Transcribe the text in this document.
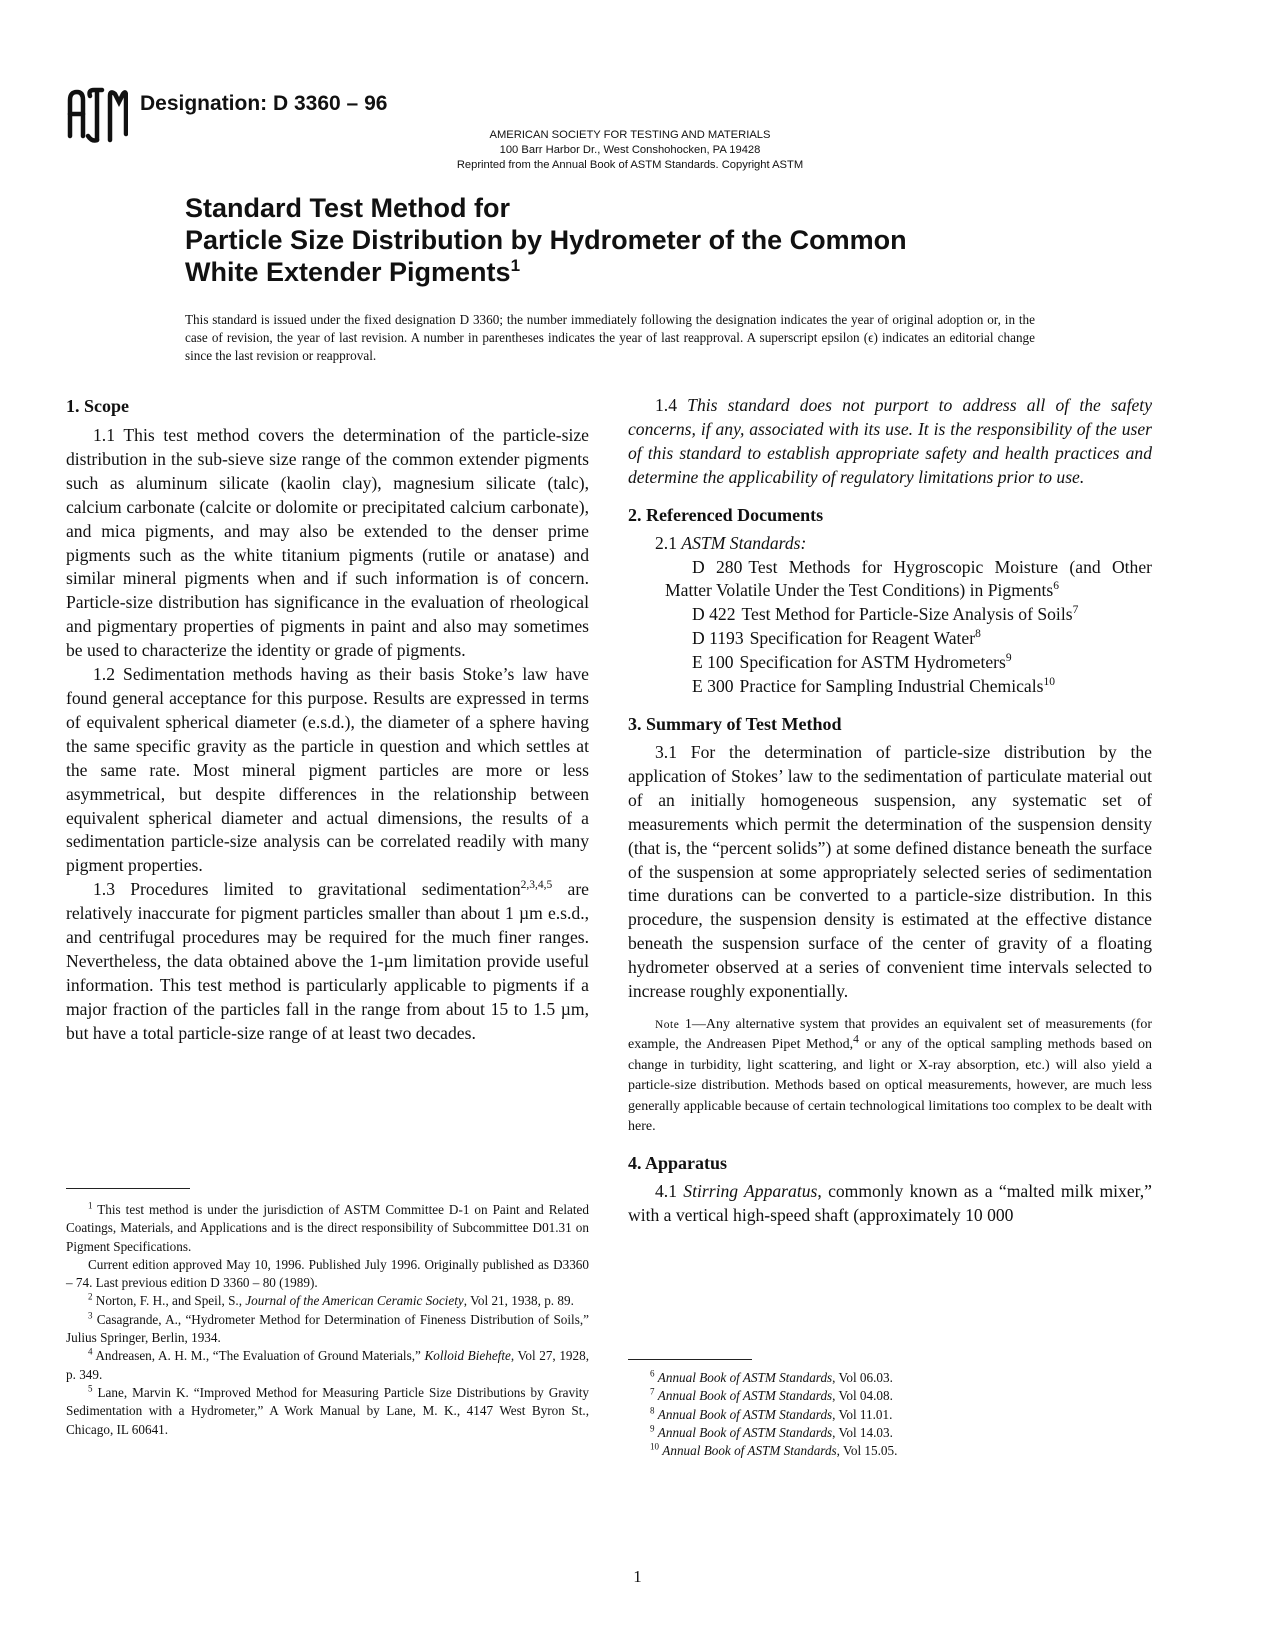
Designation: D 3360 – 96
AMERICAN SOCIETY FOR TESTING AND MATERIALS
100 Barr Harbor Dr., West Conshohocken, PA 19428
Reprinted from the Annual Book of ASTM Standards. Copyright ASTM
Standard Test Method for
Particle Size Distribution by Hydrometer of the Common
White Extender Pigments$^1$
This standard is issued under the fixed designation D 3360; the number immediately following the designation indicates the year of original adoption or, in the case of revision, the year of last revision. A number in parentheses indicates the year of last reapproval. A superscript epsilon (ϵ) indicates an editorial change since the last revision or reapproval.
1. Scope

1.1 This test method covers the determination of the particle-size distribution in the sub-sieve size range of the common extender pigments such as aluminum silicate (kaolin clay), magnesium silicate (talc), calcium carbonate (calcite or dolomite or precipitated calcium carbonate), and mica pigments, and may also be extended to the denser prime pigments such as the white titanium pigments (rutile or anatase) and similar mineral pigments when and if such information is of concern. Particle-size distribution has significance in the evaluation of rheological and pigmentary properties of pigments in paint and also may sometimes be used to characterize the identity or grade of pigments.

1.2 Sedimentation methods having as their basis Stoke’s law have found general acceptance for this purpose. Results are expressed in terms of equivalent spherical diameter (e.s.d.), the diameter of a sphere having the same specific gravity as the particle in question and which settles at the same rate. Most mineral pigment particles are more or less asymmetrical, but despite differences in the relationship between equivalent spherical diameter and actual dimensions, the results of a sedimentation particle-size analysis can be correlated readily with many pigment properties.

1.3 Procedures limited to gravitational sedimentation$^{2,3,4,5}$ are relatively inaccurate for pigment particles smaller than about 1 µm e.s.d., and centrifugal procedures may be required for the much finer ranges. Nevertheless, the data obtained above the 1-µm limitation provide useful information. This test method is particularly applicable to pigments if a major fraction of the particles fall in the range from about 15 to 1.5 µm, but have a total particle-size range of at least two decades.

1.4 This standard does not purport to address all of the safety concerns, if any, associated with its use. It is the responsibility of the user of this standard to establish appropriate safety and health practices and determine the applicability of regulatory limitations prior to use.

2. Referenced Documents

2.1 ASTM Standards:

D 280 Test Methods for Hygroscopic Moisture (and Other Matter Volatile Under the Test Conditions) in Pigments$^6$

D 422 Test Method for Particle-Size Analysis of Soils$^7$

D 1193 Specification for Reagent Water$^8$

E 100 Specification for ASTM Hydrometers$^9$

E 300 Practice for Sampling Industrial Chemicals$^{10}$

3. Summary of Test Method

3.1 For the determination of particle-size distribution by the application of Stokes’ law to the sedimentation of particulate material out of an initially homogeneous suspension, any systematic set of measurements which permit the determination of the suspension density (that is, the “percent solids”) at some defined distance beneath the surface of the suspension at some appropriately selected series of sedimentation time durations can be converted to a particle-size distribution. In this procedure, the suspension density is estimated at the effective distance beneath the suspension surface of the center of gravity of a floating hydrometer observed at a series of convenient time intervals selected to increase roughly exponentially.

Note 1—Any alternative system that provides an equivalent set of measurements (for example, the Andreasen Pipet Method,$^4$ or any of the optical sampling methods based on change in turbidity, light scattering, and light or X-ray absorption, etc.) will also yield a particle-size distribution. Methods based on optical measurements, however, are much less generally applicable because of certain technological limitations too complex to be dealt with here.
4. Apparatus

4.1 Stirring Apparatus, commonly known as a “malted milk mixer,” with a vertical high-speed shaft (approximately 10 000

$^1$ This test method is under the jurisdiction of ASTM Committee D-1 on Paint and Related Coatings, Materials, and Applications and is the direct responsibility of Subcommittee D01.31 on Pigment Specifications.

Current edition approved May 10, 1996. Published July 1996. Originally published as D3360 – 74. Last previous edition D 3360 – 80 (1989).

$^2$ Norton, F. H., and Speil, S., Journal of the American Ceramic Society, Vol 21, 1938, p. 89.

$^3$ Casagrande, A., “Hydrometer Method for Determination of Fineness Distribution of Soils,” Julius Springer, Berlin, 1934.

$^4$ Andreasen, A. H. M., “The Evaluation of Ground Materials,” Kolloid Biehefte, Vol 27, 1928, p. 349.

$^5$ Lane, Marvin K. “Improved Method for Measuring Particle Size Distributions by Gravity Sedimentation with a Hydrometer,” A Work Manual by Lane, M. K., 4147 West Byron St., Chicago, IL 60641.

$^6$ Annual Book of ASTM Standards, Vol 06.03.

$^7$ Annual Book of ASTM Standards, Vol 04.08.

$^8$ Annual Book of ASTM Standards, Vol 11.01.

$^9$ Annual Book of ASTM Standards, Vol 14.03.

$^{10}$ Annual Book of ASTM Standards, Vol 15.05.

1
